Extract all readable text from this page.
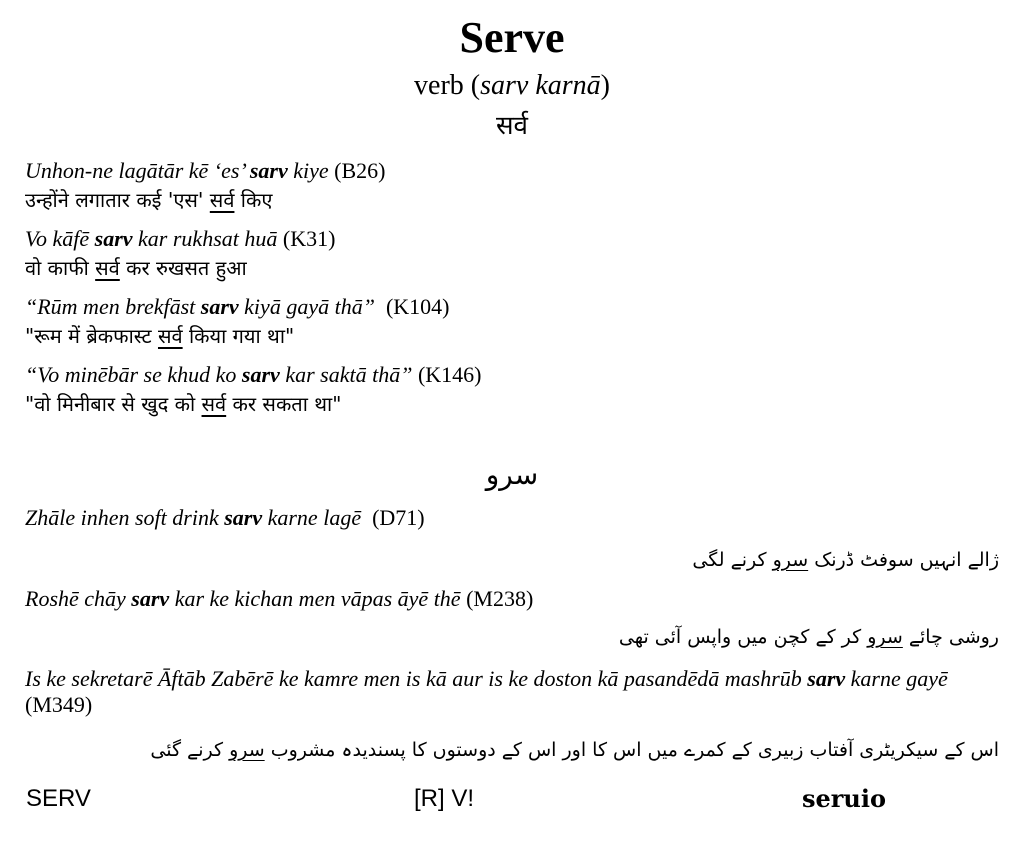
Serve
verb (sarv karnā)
सर्व
Unhon-ne lagātār kē ‘es’ sarv kiye (B26)
उन्होंने लगातार कई 'एस' सर्व किए
Vo kāfē sarv kar rukhsat huā (K31)
वो काफी सर्व कर रुखसत हुआ
“Rūm men brekfāst sarv kiyā gayā thā” (K104)
"रूम में ब्रेकफास्ट सर्व किया गया था"
“Vo minēbār se khud ko sarv kar saktā thā” (K146)
"वो मिनीबार से खुद को सर्व कर सकता था"
سرو
Zhāle inhen soft drink sarv karne lagē (D71)
ژالے انہیں سوفٹ ڈرنک سرو کرنے لگی
Roshē chāy sarv kar ke kichan men vāpas āyē thē (M238)
روشی چائے سرو کر کے کچن میں واپس آئی تھی
Is ke sekretarē Āftāb Zabērē ke kamre men is kā aur is ke doston kā pasandēdā mashrūb sarv karne gayē (M349)
اس کے سیکریٹری آفتاب زبیری کے کمرے میں اس کا اور اس کے دوستوں کا پسندیدہ مشروب سرو کرنے گئی
SERV	[R] V!	seruio
